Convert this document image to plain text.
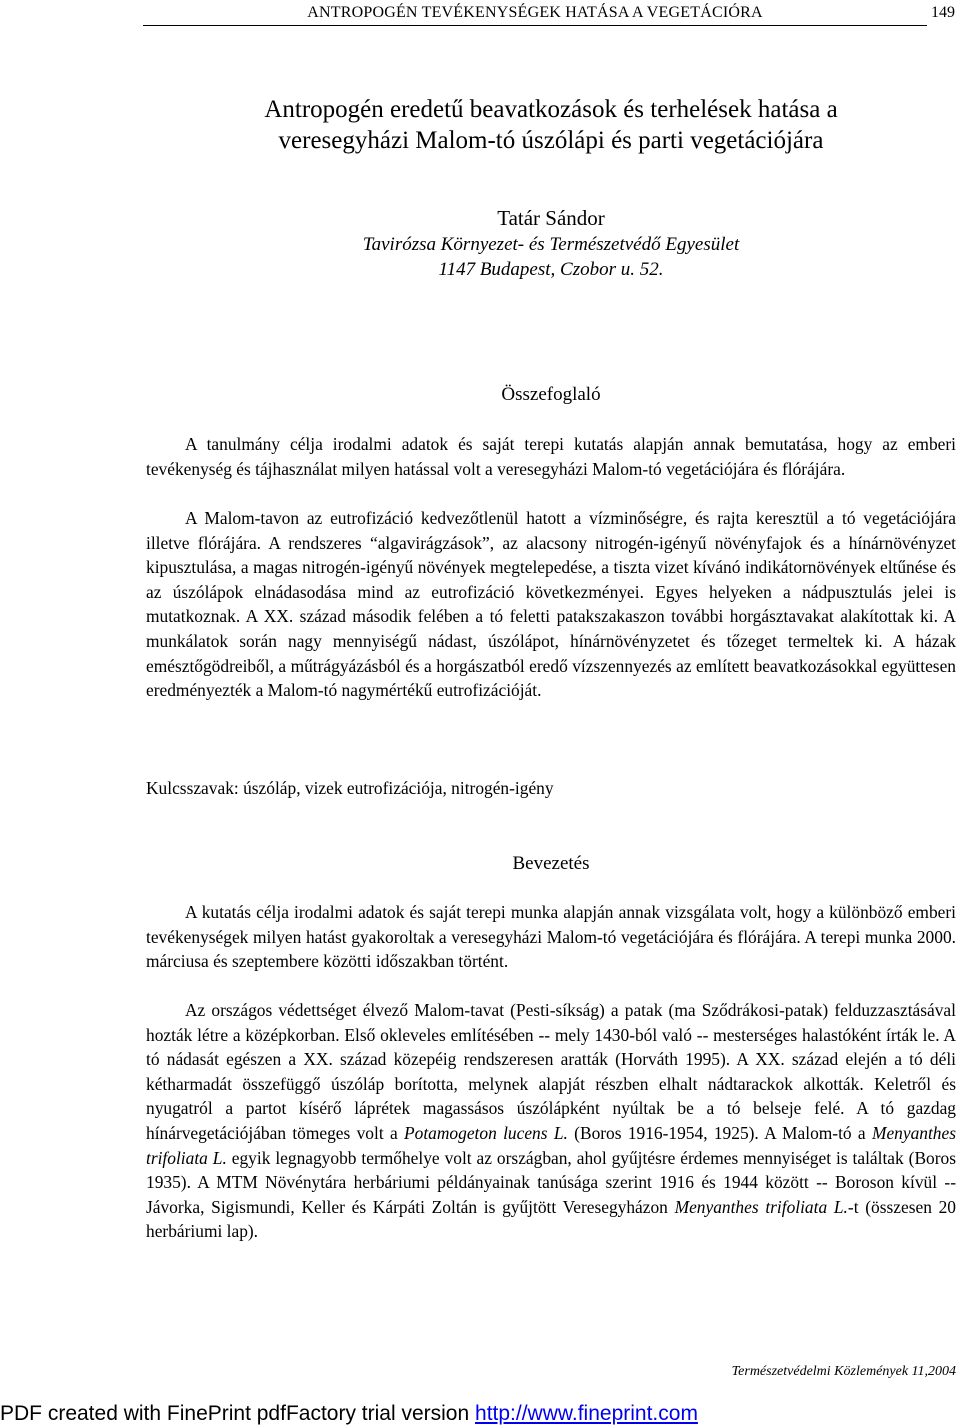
ANTROPOGÉN TEVÉKENYSÉGEK HATÁSA A VEGETÁCIÓRA	149
Antropogén eredetű beavatkozások és terhelések hatása a
veresegyházi Malom-tó úszólápi és parti vegetációjára
Tatár Sándor
Tavirózsa Környezet- és Természetvédő Egyesület
1147 Budapest, Czobor u. 52.
Összefoglaló

A tanulmány célja irodalmi adatok és saját terepi kutatás alapján annak bemutatása, hogy az emberi tevékenység és tájhasználat milyen hatással volt a veresegyházi Malom-tó vegetációjára és flórájára.

A Malom-tavon az eutrofizáció kedvezőtlenül hatott a vízminőségre, és rajta keresztül a tó vegetációjára illetve flórájára. A rendszeres “algavirágzások”, az alacsony nitrogén-igényű növényfajok és a hínárnövényzet kipusztulása, a magas nitrogén-igényű növények megtelepedése, a tiszta vizet kívánó indikátornövények eltűnése és az úszólápok elnádasodása mind az eutrofizáció következményei. Egyes helyeken a nádpusztulás jelei is mutatkoznak. A XX. század második felében a tó feletti patakszakaszon további horgásztavakat alakítottak ki. A munkálatok során nagy mennyiségű nádast, úszólápot, hínárnövényzetet és tőzeget termeltek ki. A házak emésztőgödreiből, a műtrágyázásból és a horgászatból eredő vízszennyezés az említett beavatkozásokkal együttesen eredményezték a Malom-tó nagymértékű eutrofizációját.

Kulcsszavak: úszóláp, vizek eutrofizációja, nitrogén-igény
Bevezetés

A kutatás célja irodalmi adatok és saját terepi munka alapján annak vizsgálata volt, hogy a különböző emberi tevékenységek milyen hatást gyakoroltak a veresegyházi Malom-tó vegetációjára és flórájára. A terepi munka 2000. márciusa és szeptembere közötti időszakban történt.

Az országos védettséget élvező Malom-tavat (Pesti-síkság) a patak (ma Sződrákosi-patak) felduzzasztásával hozták létre a középkorban. Első okleveles említésében -- mely 1430-ból való -- mesterséges halastóként írták le. A tó nádasát egészen a XX. század közepéig rendszeresen aratták (Horváth 1995). A XX. század elején a tó déli kétharmadát összefüggő úszóláp borította, melynek alapját részben elhalt nádtarackok alkották. Keletről és nyugatról a partot kísérő láprétek magassásos úszólápként nyúltak be a tó belseje felé. A tó gazdag hínárvegetációjában tömeges volt a Potamogeton lucens L. (Boros 1916-1954, 1925). A Malom-tó a Menyanthes trifoliata L. egyik legnagyobb termőhelye volt az országban, ahol gyűjtésre érdemes mennyiséget is találtak (Boros 1935). A MTM Növénytára herbáriumi példányainak tanúsága szerint 1916 és 1944 között -- Boroson kívül -- Jávorka, Sigismundi, Keller és Kárpáti Zoltán is gyűjtött Veresegyházon Menyanthes trifoliata L.-t (összesen 20 herbáriumi lap).

Természetvédelmi Közlemények 11,2004
PDF created with FinePrint pdfFactory trial version http://www.fineprint.com
